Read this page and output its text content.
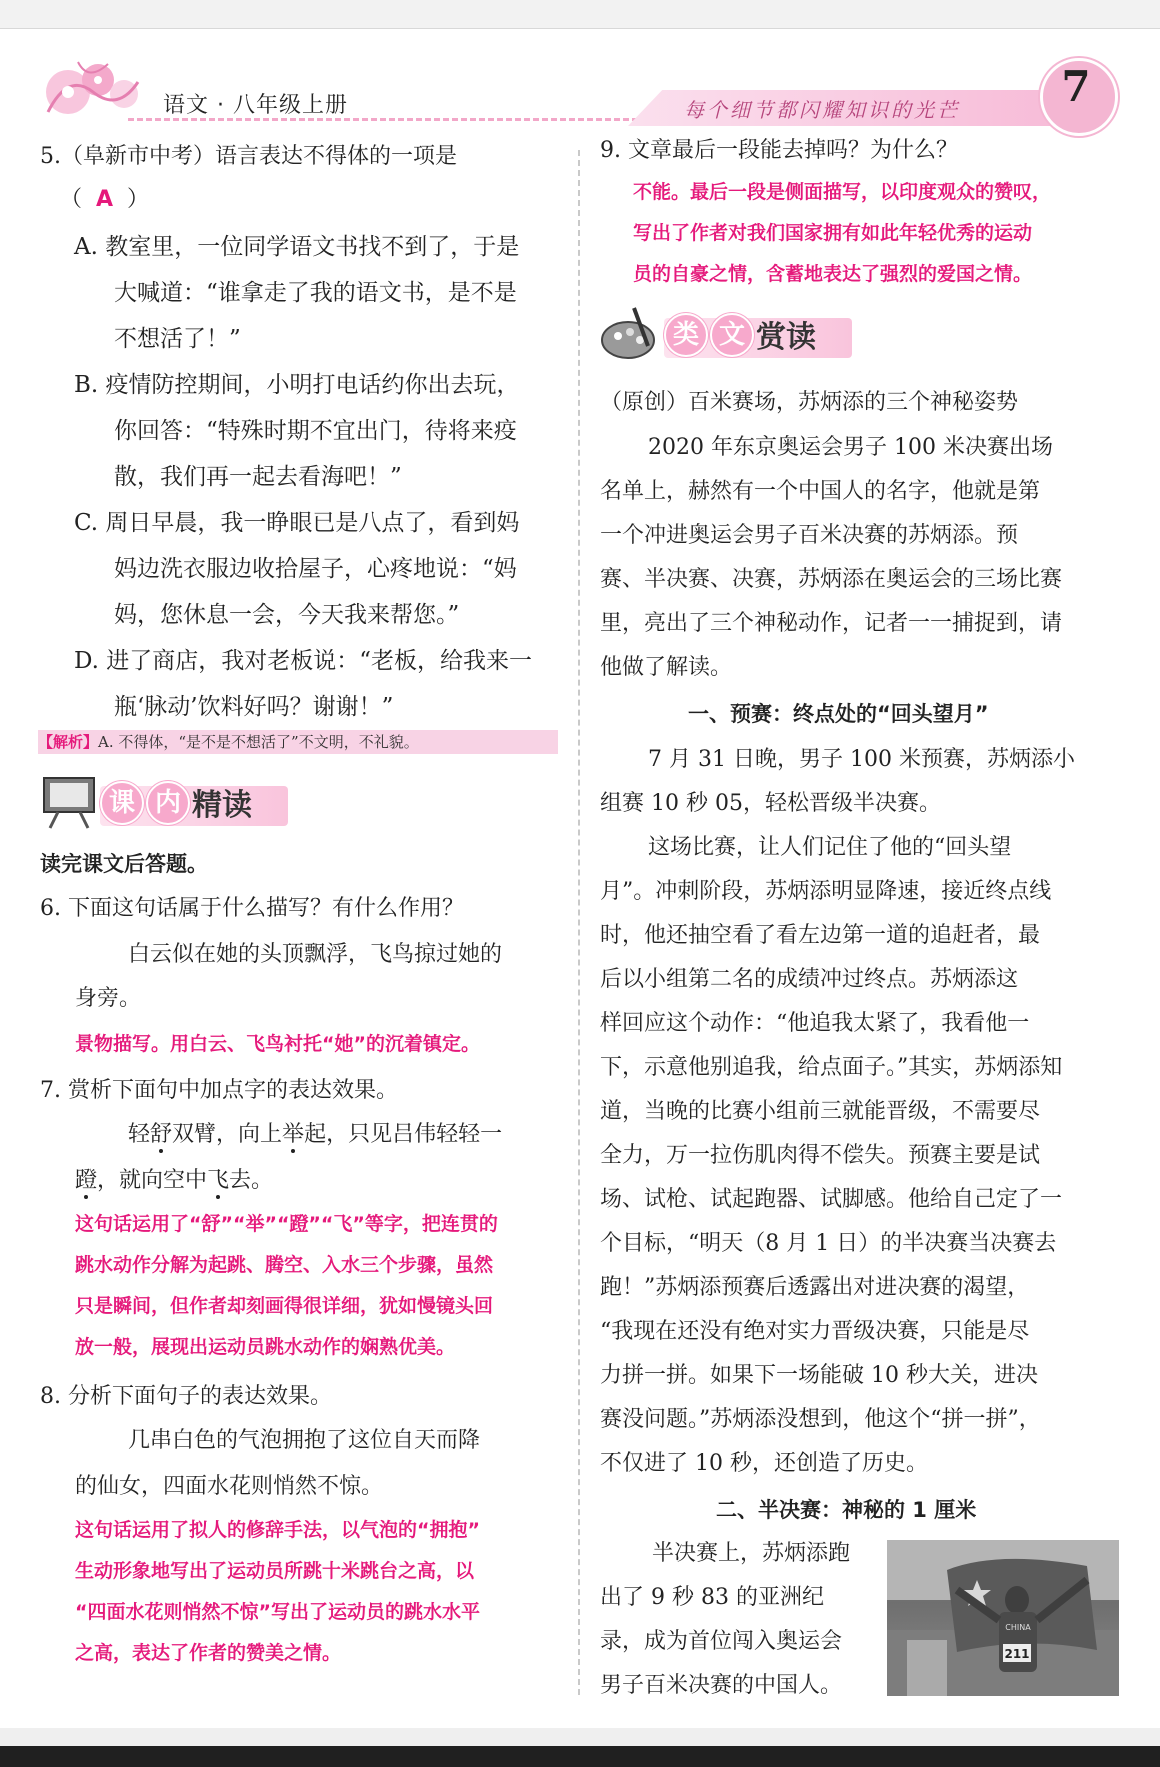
语文 · 八年级上册	每个细节都闪耀知识的光芒	7
5.（阜新市中考）语言表达不得体的一项是
（ A ）
A. 教室里，一位同学语文书找不到了，于是
大喊道：“谁拿走了我的语文书，是不是
不想活了！”
B. 疫情防控期间，小明打电话约你出去玩，
你回答：“特殊时期不宜出门，待将来疫
散，我们再一起去看海吧！”
C. 周日早晨，我一睁眼已是八点了，看到妈
妈边洗衣服边收拾屋子，心疼地说：“妈
妈，您休息一会，今天我来帮您。”
D. 进了商店，我对老板说：“老板，给我来一
瓶‘脉动’饮料好吗？谢谢！”
【解析】A. 不得体，“是不是不想活了”不文明，不礼貌。
课 内 精读
读完课文后答题。
6. 下面这句话属于什么描写？有什么作用？
白云似在她的头顶飘浮，飞鸟掠过她的
身旁。
景物描写。用白云、飞鸟衬托“她”的沉着镇定。
7. 赏析下面句中加点字的表达效果。
轻舒双臂，向上举起，只见吕伟轻轻一
蹬，就向空中飞去。
这句话运用了“舒”“举”“蹬”“飞”等字，把连贯的
跳水动作分解为起跳、腾空、入水三个步骤，虽然
只是瞬间，但作者却刻画得很详细，犹如慢镜头回
放一般，展现出运动员跳水动作的娴熟优美。
8. 分析下面句子的表达效果。
几串白色的气泡拥抱了这位自天而降
的仙女，四面水花则悄然不惊。
这句话运用了拟人的修辞手法，以气泡的“拥抱”
生动形象地写出了运动员所跳十米跳台之高，以
“四面水花则悄然不惊”写出了运动员的跳水水平
之高，表达了作者的赞美之情。
9. 文章最后一段能去掉吗？为什么？
不能。最后一段是侧面描写，以印度观众的赞叹，
写出了作者对我们国家拥有如此年轻优秀的运动
员的自豪之情，含蓄地表达了强烈的爱国之情。
类 文 赏读
（原创）百米赛场，苏炳添的三个神秘姿势
2020 年东京奥运会男子 100 米决赛出场
名单上，赫然有一个中国人的名字，他就是第
一个冲进奥运会男子百米决赛的苏炳添。预
赛、半决赛、决赛，苏炳添在奥运会的三场比赛
里，亮出了三个神秘动作，记者一一捕捉到，请
他做了解读。
一、预赛：终点处的“回头望月”
7 月 31 日晚，男子 100 米预赛，苏炳添小
组赛 10 秒 05，轻松晋级半决赛。
这场比赛，让人们记住了他的“回头望
月”。冲刺阶段，苏炳添明显降速，接近终点线
时，他还抽空看了看左边第一道的追赶者，最
后以小组第二名的成绩冲过终点。苏炳添这
样回应这个动作：“他追我太紧了，我看他一
下，示意他别追我，给点面子。”其实，苏炳添知
道，当晚的比赛小组前三就能晋级，不需要尽
全力，万一拉伤肌肉得不偿失。预赛主要是试
场、试枪、试起跑器、试脚感。他给自己定了一
个目标，“明天（8 月 1 日）的半决赛当决赛去
跑！”苏炳添预赛后透露出对进决赛的渴望，
“我现在还没有绝对实力晋级决赛，只能是尽
力拼一拼。如果下一场能破 10 秒大关，进决
赛没问题。”苏炳添没想到，他这个“拼一拼”，
不仅进了 10 秒，还创造了历史。
二、半决赛：神秘的 1 厘米
半决赛上，苏炳添跑
出了 9 秒 83 的亚洲纪
录，成为首位闯入奥运会
男子百米决赛的中国人。
211
CHINA
